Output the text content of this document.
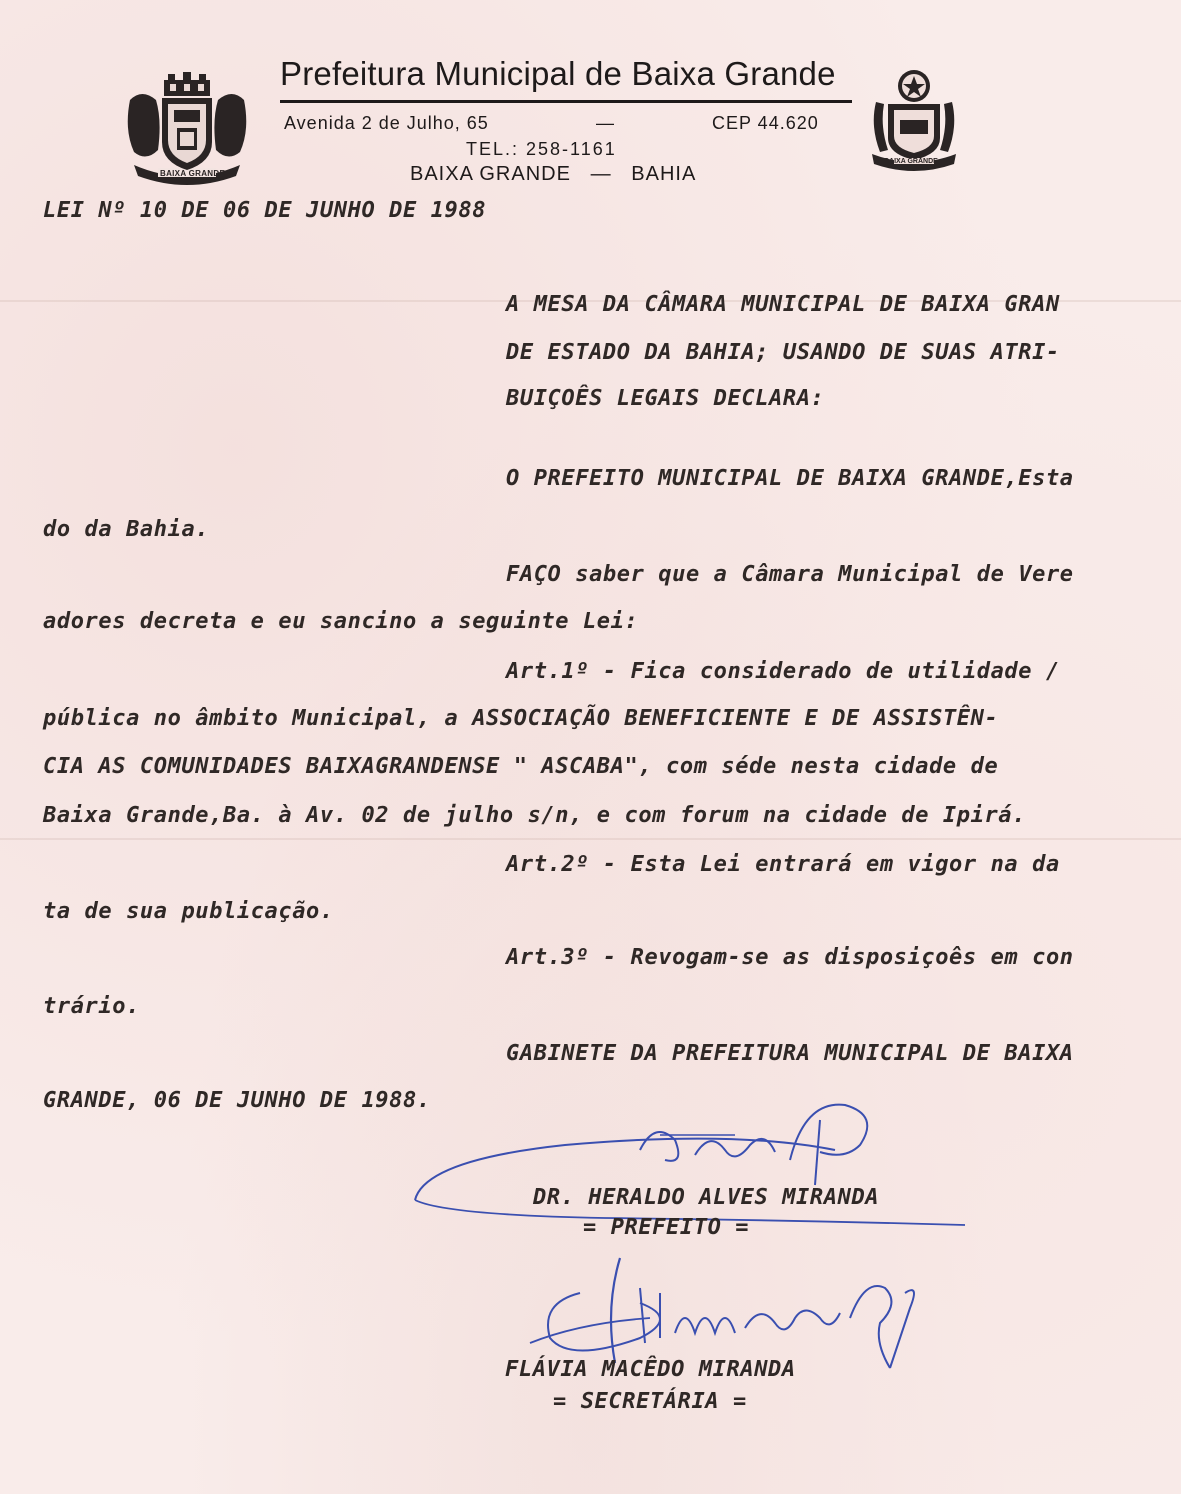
BAIXA GRANDE
Prefeitura Municipal de Baixa Grande
Avenida 2 de Julho, 65	—	CEP 44.620
TEL.: 258-1161
BAIXA GRANDE   —   BAHIA
BAIXA GRANDE
LEI Nº 10 DE 06 DE JUNHO DE 1988
A MESA DA CÂMARA MUNICIPAL DE BAIXA GRAN
DE ESTADO DA BAHIA; USANDO DE SUAS ATRI-
BUIÇOÊS LEGAIS DECLARA:
O PREFEITO MUNICIPAL DE BAIXA GRANDE,Esta
do da Bahia.
FAÇO saber que a Câmara Municipal de Vere
adores decreta e eu sancino a seguinte Lei:
Art.1º - Fica considerado de utilidade /
pública no âmbito Municipal, a ASSOCIAÇÃO BENEFICIENTE E DE ASSISTÊN-
CIA AS COMUNIDADES BAIXAGRANDENSE " ASCABA", com séde nesta cidade de
Baixa Grande,Ba. à Av. 02 de julho s/n, e com forum na cidade de Ipirá.
Art.2º - Esta Lei entrará em vigor na da
ta de sua publicação.
Art.3º - Revogam-se as disposiçoês em con
trário.
GABINETE DA PREFEITURA MUNICIPAL DE BAIXA
GRANDE, 06 DE JUNHO DE 1988.
DR. HERALDO ALVES MIRANDA
= PREFEITO =
FLÁVIA MACÊDO MIRANDA
= SECRETÁRIA =
